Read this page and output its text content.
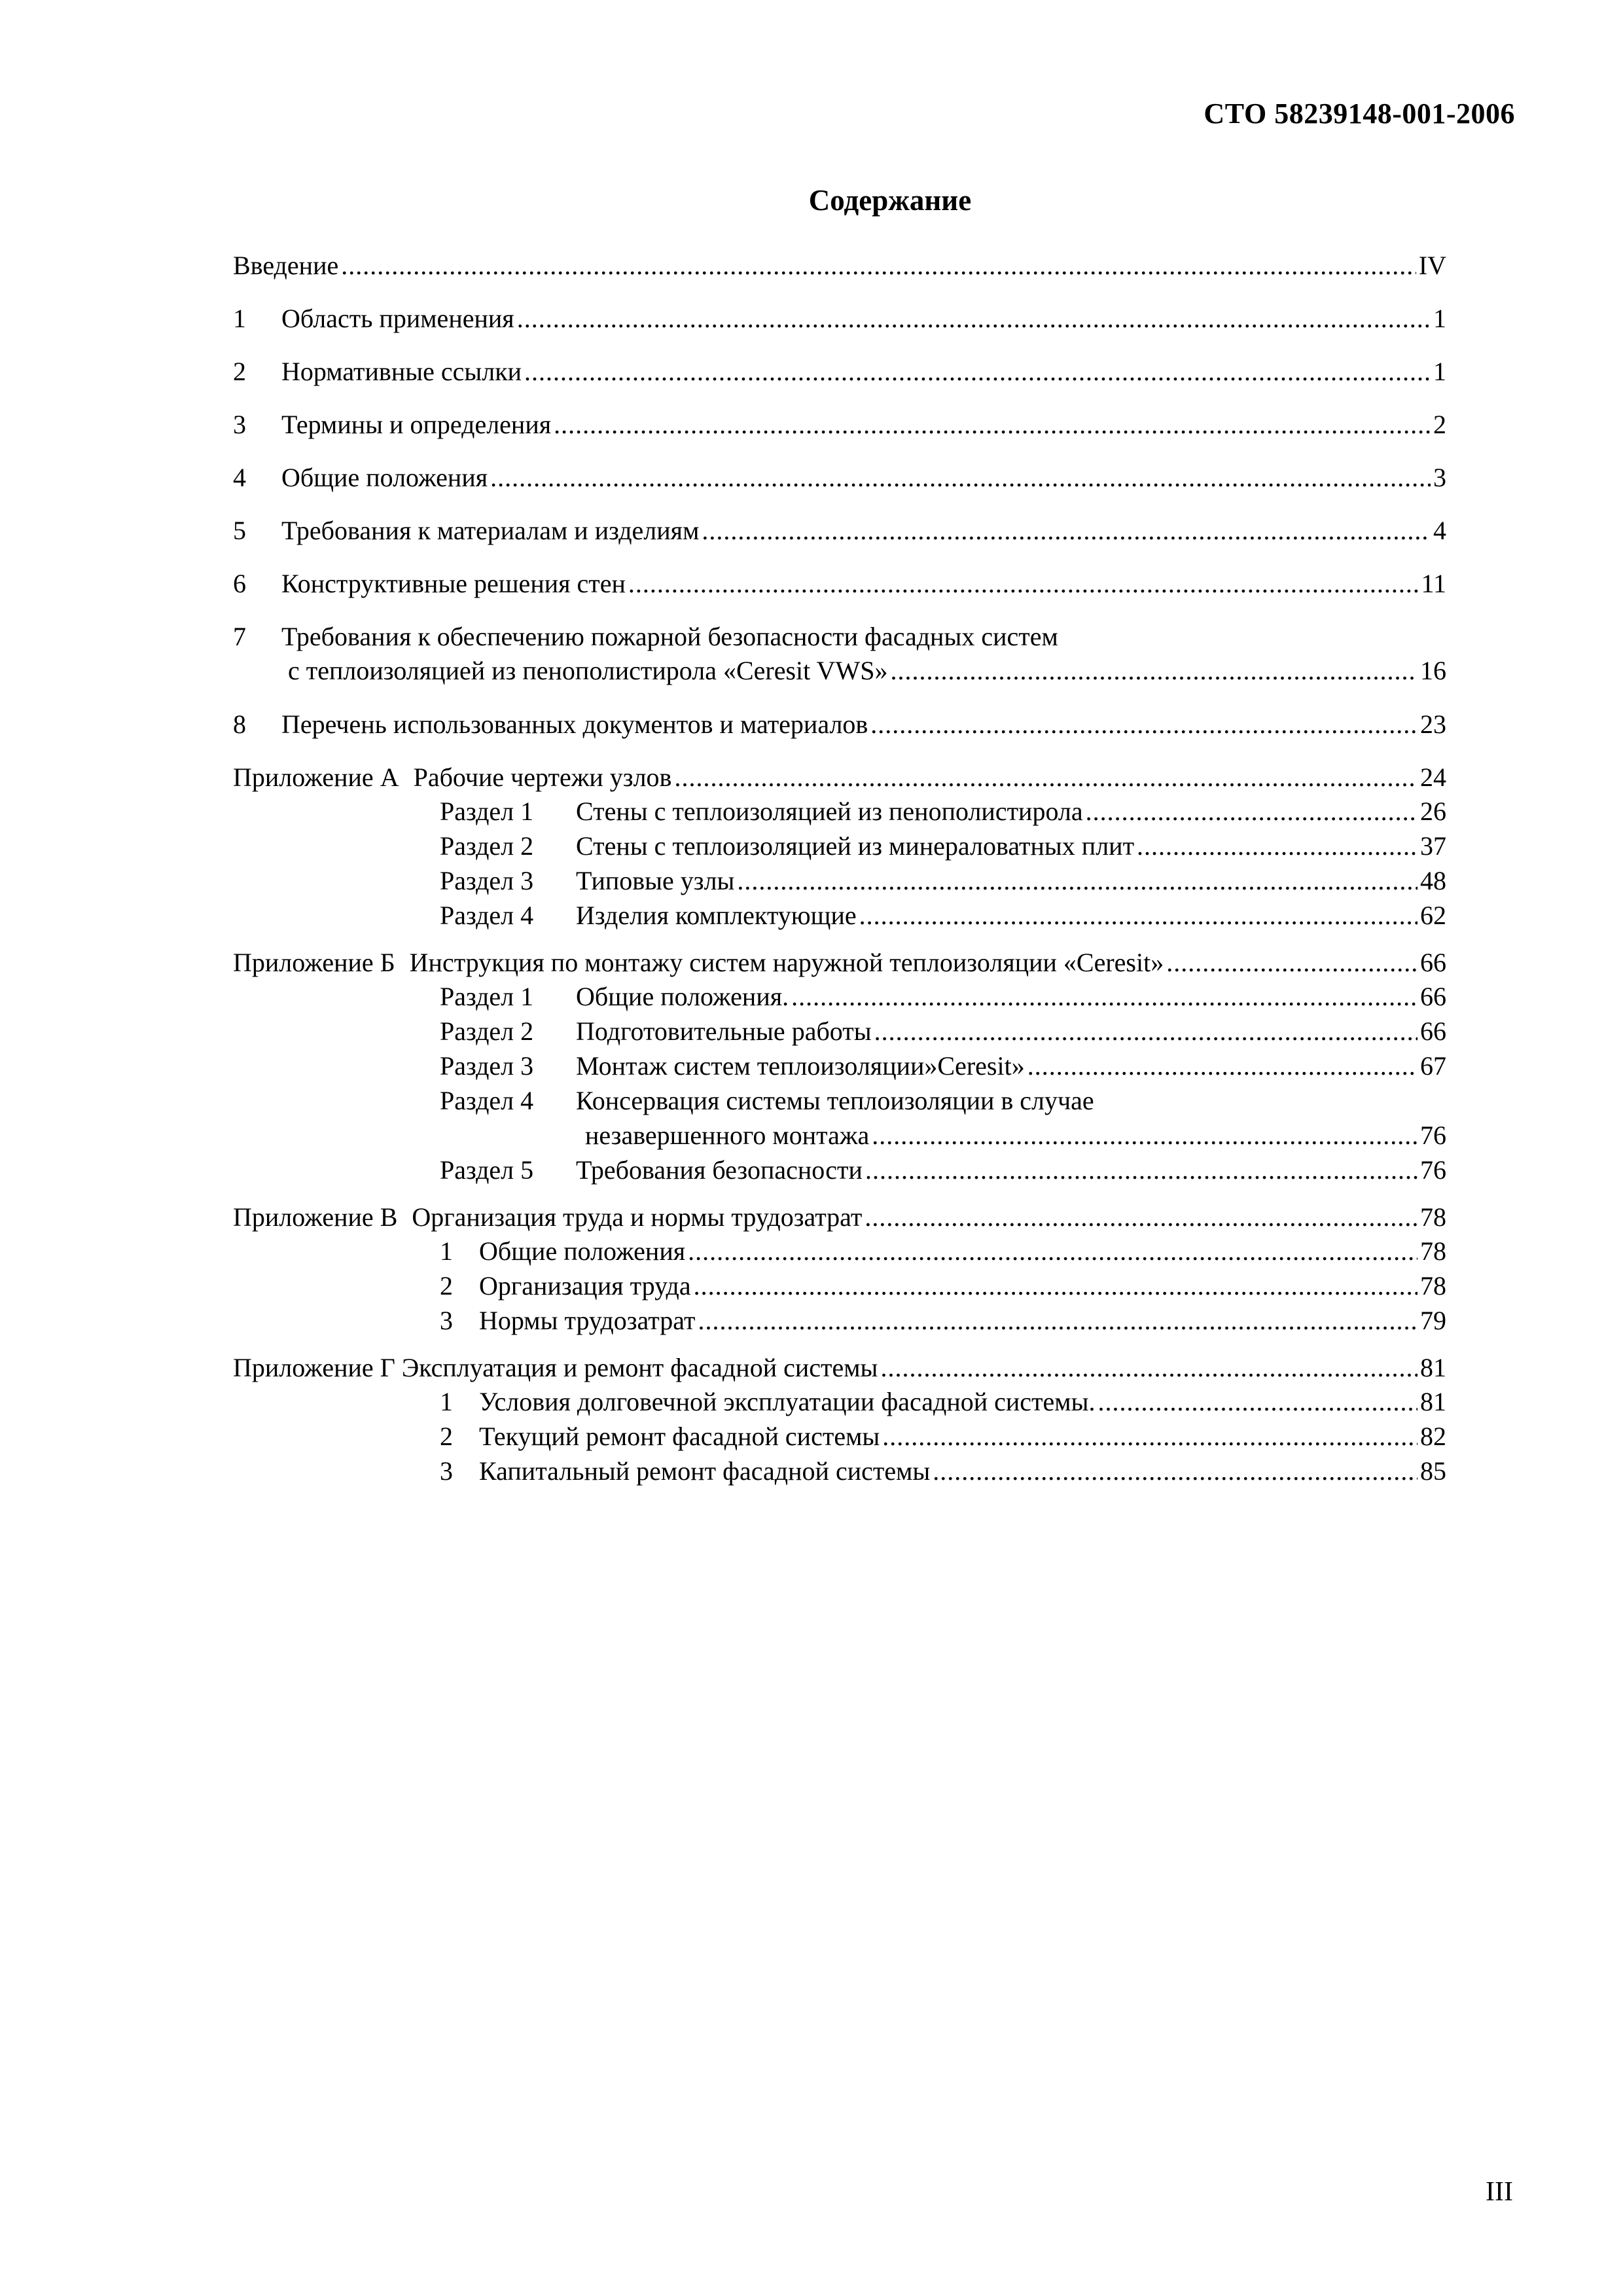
СТО 58239148-001-2006
Содержание
Введение .....	IV
1	Область применения .....	1
2	Нормативные ссылки .....	1
3	Термины и определения .....	2
4	Общие положения .....	3
5	Требования к материалам и изделиям .....	4
6	Конструктивные решения стен .....	11
7	Требования к обеспечению пожарной безопасности фасадных систем
с теплоизоляцией из пенополистирола «Ceresit VWS» .....	16
8	Перечень использованных документов и материалов .....	23
Приложение А Рабочие чертежи узлов .....	24
Раздел 1	Стены с теплоизоляцией из пенополистирола .....	26
Раздел 2	Стены с теплоизоляцией из минераловатных плит .....	37
Раздел 3	Типовые узлы .....	48
Раздел 4	Изделия комплектующие .....	62
Приложение Б Инструкция по монтажу систем наружной теплоизоляции «Ceresit» .....	66
Раздел 1	Общие положения. .....	66
Раздел 2	Подготовительные работы .....	66
Раздел 3	Монтаж систем теплоизоляции»Ceresit» .....	67
Раздел 4	Консервация системы теплоизоляции в случае
незавершенного монтажа .....	76
Раздел 5	Требования безопасности .....	76
Приложение В Организация труда и нормы трудозатрат .....	78
1	Общие положения .....	78
2	Организация труда .....	78
3	Нормы трудозатрат .....	79
Приложение Г Эксплуатация и ремонт фасадной системы .....	81
1	Условия долговечной эксплуатации фасадной системы. .....	81
2	Текущий ремонт фасадной системы .....	82
3	Капитальный ремонт фасадной системы .....	85
III
